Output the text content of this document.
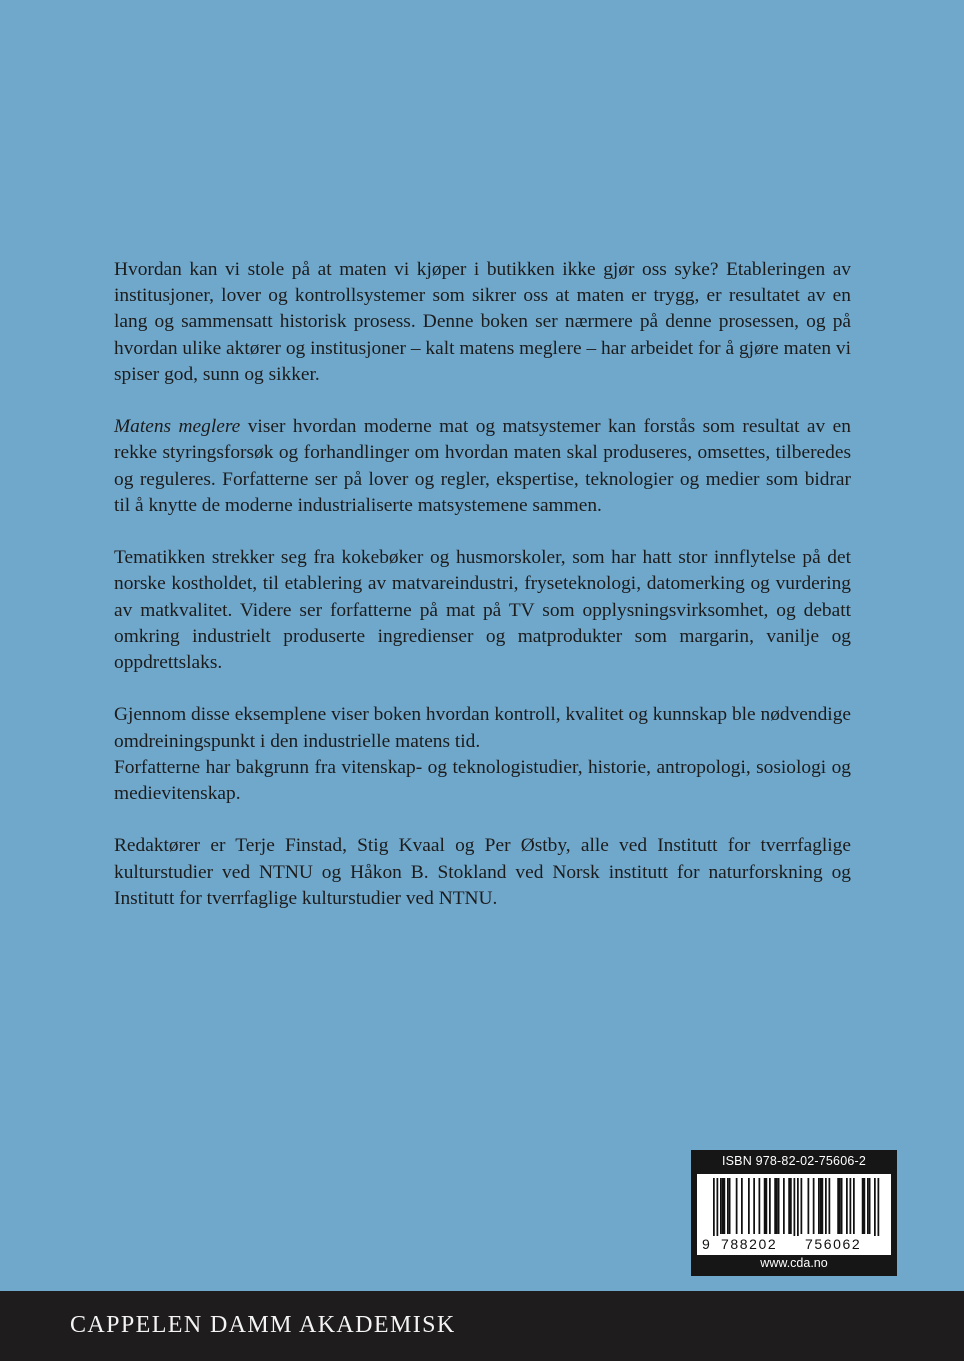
Hvordan kan vi stole på at maten vi kjøper i butikken ikke gjør oss syke? Etableringen av institusjoner, lover og kontrollsystemer som sikrer oss at maten er trygg, er resultatet av en lang og sammensatt historisk prosess. Denne boken ser nærmere på denne prosessen, og på hvordan ulike aktører og institusjoner – kalt matens meglere – har arbeidet for å gjøre maten vi spiser god, sunn og sikker.

Matens meglere viser hvordan moderne mat og matsystemer kan forstås som resultat av en rekke styringsforsøk og forhandlinger om hvordan maten skal produseres, omsettes, tilberedes og reguleres. Forfatterne ser på lover og regler, ekspertise, teknologier og medier som bidrar til å knytte de moderne industrialiserte matsystemene sammen.

Tematikken strekker seg fra kokebøker og husmorskoler, som har hatt stor innflytelse på det norske kostholdet, til etablering av matvareindustri, fryseteknologi, datomerking og vurdering av matkvalitet. Videre ser forfatterne på mat på TV som opplysningsvirksomhet, og debatt omkring industrielt produserte ingredienser og matprodukter som margarin, vanilje og oppdrettslaks.

Gjennom disse eksemplene viser boken hvordan kontroll, kvalitet og kunnskap ble nødvendige omdreiningspunkt i den industrielle matens tid.

Forfatterne har bakgrunn fra vitenskap- og teknologistudier, historie, antropologi, sosiologi og medievitenskap.

Redaktører er Terje Finstad, Stig Kvaal og Per Østby, alle ved Institutt for tverrfaglige kulturstudier ved NTNU og Håkon B. Stokland ved Norsk institutt for naturforskning og Institutt for tverrfaglige kulturstudier ved NTNU.

ISBN 978-82-02-75606-2
9 788202 756062
www.cda.no
CAPPELEN DAMM AKADEMISK
